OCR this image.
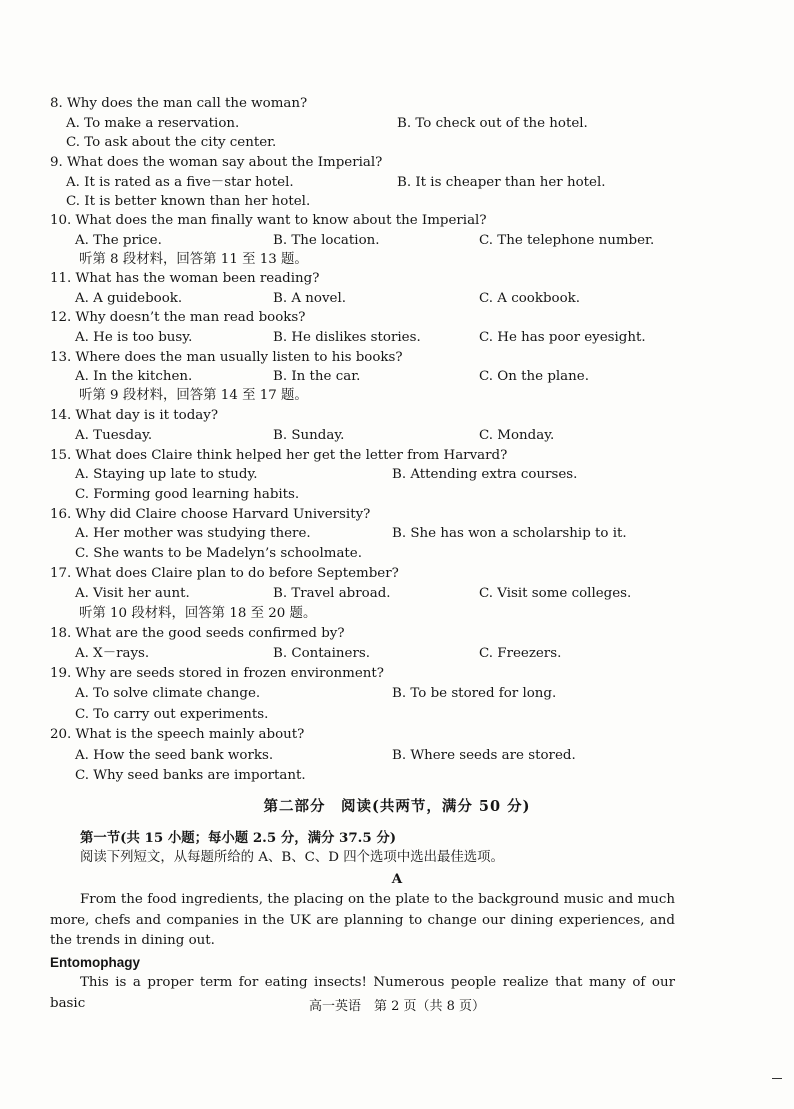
8. Why does the man call the woman?
A. To make a reservation.	B. To check out of the hotel.
C. To ask about the city center.
9. What does the woman say about the Imperial?
A. It is rated as a five－star hotel.	B. It is cheaper than her hotel.
C. It is better known than her hotel.
10. What does the man finally want to know about the Imperial?
A. The price.	B. The location.	C. The telephone number.
听第 8 段材料，回答第 11 至 13 题。
11. What has the woman been reading?
A. A guidebook.	B. A novel.	C. A cookbook.
12. Why doesn’t the man read books?
A. He is too busy.	B. He dislikes stories.	C. He has poor eyesight.
13. Where does the man usually listen to his books?
A. In the kitchen.	B. In the car.	C. On the plane.
听第 9 段材料，回答第 14 至 17 题。
14. What day is it today?
A. Tuesday.	B. Sunday.	C. Monday.
15. What does Claire think helped her get the letter from Harvard?
A. Staying up late to study.	B. Attending extra courses.
C. Forming good learning habits.
16. Why did Claire choose Harvard University?
A. Her mother was studying there.	B. She has won a scholarship to it.
C. She wants to be Madelyn’s schoolmate.
17. What does Claire plan to do before September?
A. Visit her aunt.	B. Travel abroad.	C. Visit some colleges.
听第 10 段材料，回答第 18 至 20 题。
18. What are the good seeds confirmed by?
A. X－rays.	B. Containers.	C. Freezers.
19. Why are seeds stored in frozen environment?
A. To solve climate change.	B. To be stored for long.
C. To carry out experiments.
20. What is the speech mainly about?
A. How the seed bank works.	B. Where seeds are stored.
C. Why seed banks are important.
第二部分　阅读(共两节，满分 50 分)
第一节(共 15 小题；每小题 2.5 分，满分 37.5 分)
阅读下列短文，从每题所给的 A、B、C、D 四个选项中选出最佳选项。
A
From the food ingredients, the placing on the plate to the background music and much more, chefs and companies in the UK are planning to change our dining experiences, and the trends in dining out.
Entomophagy
This is a proper term for eating insects! Numerous people realize that many of our basic	高一英语　第 2 页（共 8 页）
